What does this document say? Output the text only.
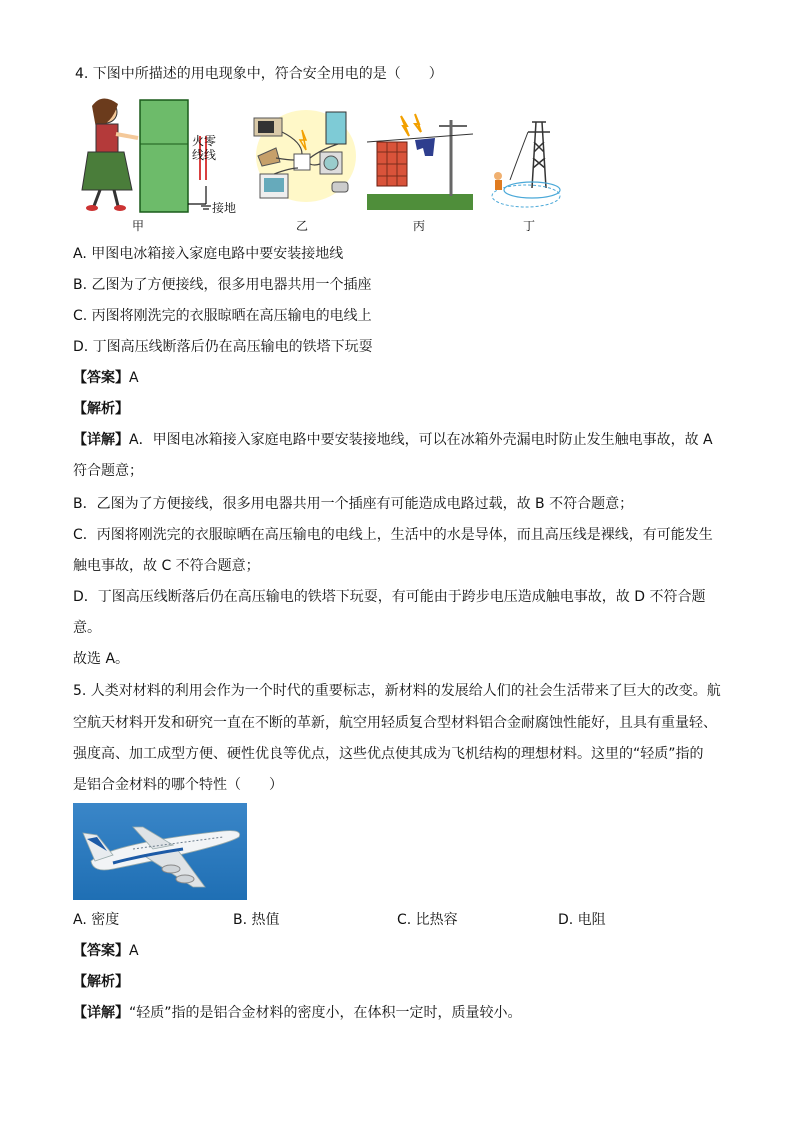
4. 下图中所描述的用电现象中，符合安全用电的是（　　）
火 零
线 线
接地
甲	乙	丙	丁
A. 甲图电冰箱接入家庭电路中要安装接地线
B. 乙图为了方便接线，很多用电器共用一个插座
C. 丙图将刚洗完的衣服晾晒在高压输电的电线上
D. 丁图高压线断落后仍在高压输电的铁塔下玩耍
【答案】A
【解析】
【详解】A．甲图电冰箱接入家庭电路中要安装接地线，可以在冰箱外壳漏电时防止发生触电事故，故 A
符合题意；
B．乙图为了方便接线，很多用电器共用一个插座有可能造成电路过载，故 B 不符合题意；
C．丙图将刚洗完的衣服晾晒在高压输电的电线上，生活中的水是导体，而且高压线是裸线，有可能发生
触电事故，故 C 不符合题意；
D．丁图高压线断落后仍在高压输电的铁塔下玩耍，有可能由于跨步电压造成触电事故，故 D 不符合题
意。
故选 A。
5. 人类对材料的利用会作为一个时代的重要标志，新材料的发展给人们的社会生活带来了巨大的改变。航
空航天材料开发和研究一直在不断的革新，航空用轻质复合型材料铝合金耐腐蚀性能好，且具有重量轻、
强度高、加工成型方便、硬性优良等优点，这些优点使其成为飞机结构的理想材料。这里的“轻质”指的
是铝合金材料的哪个特性（　　）
A. 密度	B. 热值	C. 比热容	D. 电阻
【答案】A
【解析】
【详解】“轻质”指的是铝合金材料的密度小，在体积一定时，质量较小。
